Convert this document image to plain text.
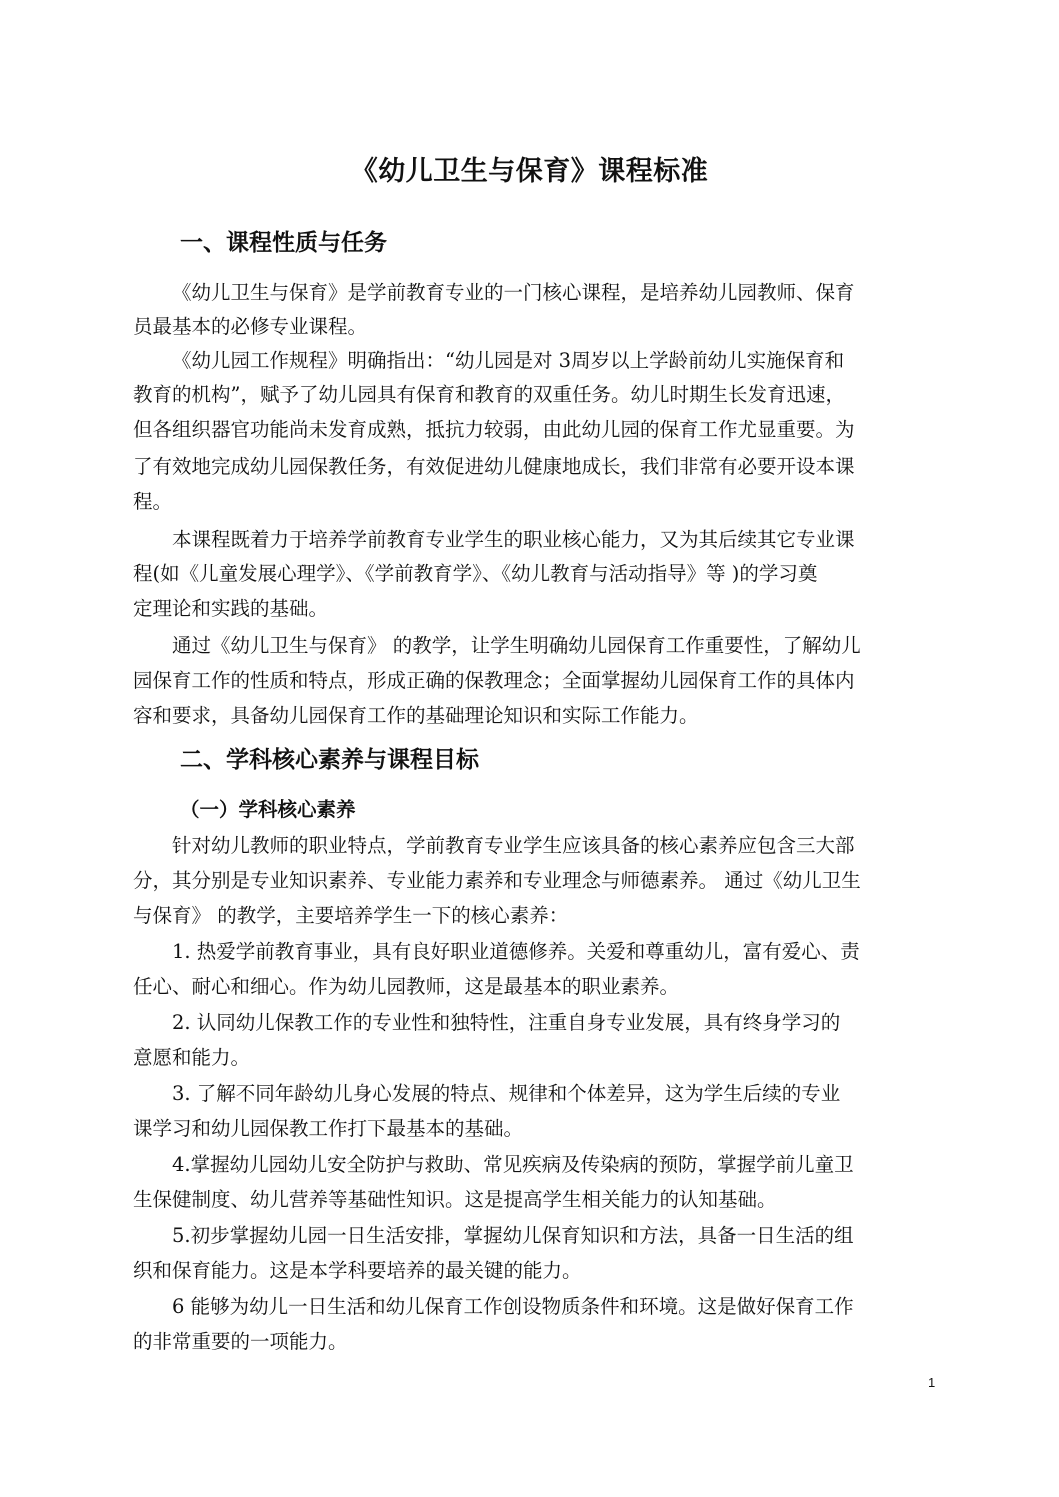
《幼儿卫生与保育》课程标准
一、课程性质与任务
《幼儿卫生与保育》是学前教育专业的一门核心课程，是培养幼儿园教师、保育
员最基本的必修专业课程。
《幼儿园工作规程》明确指出：“幼儿园是对 3周岁以上学龄前幼儿实施保育和
教育的机构”，赋予了幼儿园具有保育和教育的双重任务。幼儿时期生长发育迅速，
但各组织器官功能尚未发育成熟，抵抗力较弱，由此幼儿园的保育工作尤显重要。为
了有效地完成幼儿园保教任务，有效促进幼儿健康地成长，我们非常有必要开设本课
程。
本课程既着力于培养学前教育专业学生的职业核心能力，又为其后续其它专业课
程(如《儿童发展心理学》、《学前教育学》、《幼儿教育与活动指导》等 )的学习奠
定理论和实践的基础。
通过《幼儿卫生与保育》 的教学，让学生明确幼儿园保育工作重要性，了解幼儿
园保育工作的性质和特点，形成正确的保教理念；全面掌握幼儿园保育工作的具体内
容和要求，具备幼儿园保育工作的基础理论知识和实际工作能力。
二、学科核心素养与课程目标
（一）学科核心素养
针对幼儿教师的职业特点，学前教育专业学生应该具备的核心素养应包含三大部
分，其分别是专业知识素养、专业能力素养和专业理念与师德素养。 通过《幼儿卫生
与保育》 的教学，主要培养学生一下的核心素养：
1. 热爱学前教育事业，具有良好职业道德修养。关爱和尊重幼儿，富有爱心、责
任心、耐心和细心。作为幼儿园教师，这是最基本的职业素养。
2. 认同幼儿保教工作的专业性和独特性，注重自身专业发展，具有终身学习的
意愿和能力。
3. 了解不同年龄幼儿身心发展的特点、规律和个体差异，这为学生后续的专业
课学习和幼儿园保教工作打下最基本的基础。
4.掌握幼儿园幼儿安全防护与救助、常见疾病及传染病的预防，掌握学前儿童卫
生保健制度、幼儿营养等基础性知识。这是提高学生相关能力的认知基础。
5.初步掌握幼儿园一日生活安排，掌握幼儿保育知识和方法，具备一日生活的组
织和保育能力。这是本学科要培养的最关键的能力。
6 能够为幼儿一日生活和幼儿保育工作创设物质条件和环境。这是做好保育工作
的非常重要的一项能力。
1
